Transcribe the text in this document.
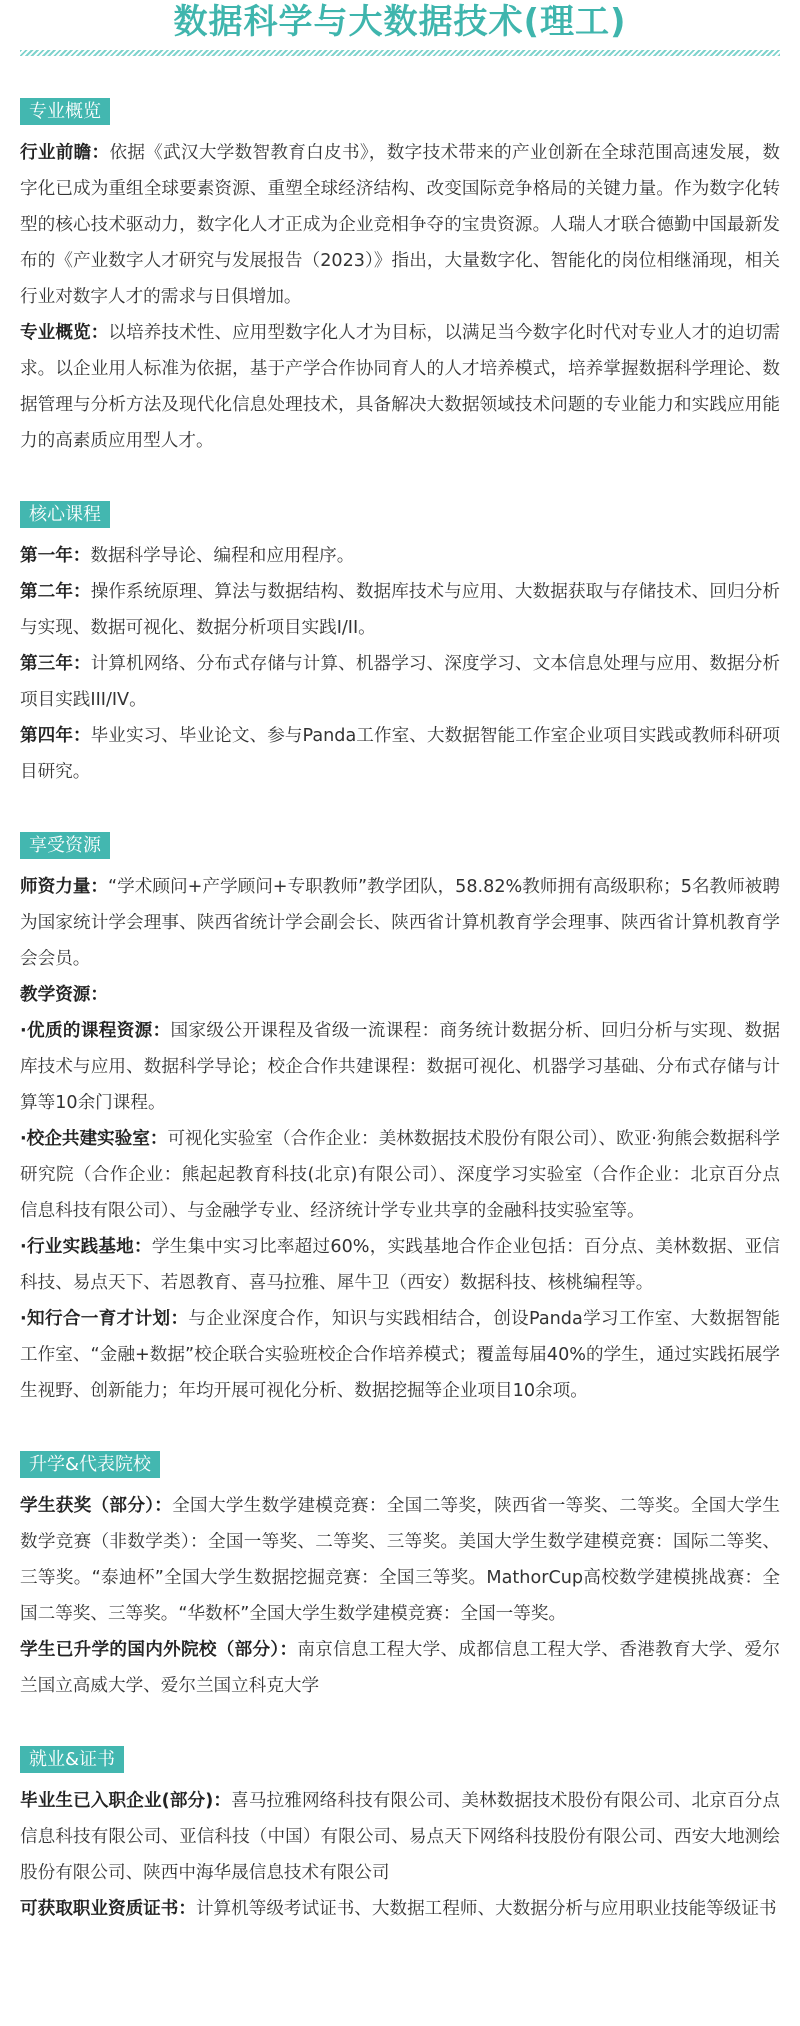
数据科学与大数据技术(理工)
专业概览

行业前瞻：依据《武汉大学数智教育白皮书》，数字技术带来的产业创新在全球范围高速发展，数字化已成为重组全球要素资源、重塑全球经济结构、改变国际竞争格局的关键力量。作为数字化转型的核心技术驱动力，数字化人才正成为企业竞相争夺的宝贵资源。人瑞人才联合德勤中国最新发布的《产业数字人才研究与发展报告（2023）》指出，大量数字化、智能化的岗位相继涌现，相关行业对数字人才的需求与日俱增加。

专业概览：以培养技术性、应用型数字化人才为目标，以满足当今数字化时代对专业人才的迫切需求。以企业用人标准为依据，基于产学合作协同育人的人才培养模式，培养掌握数据科学理论、数据管理与分析方法及现代化信息处理技术，具备解决大数据领域技术问题的专业能力和实践应用能力的高素质应用型人才。

核心课程

第一年：数据科学导论、编程和应用程序。

第二年：操作系统原理、算法与数据结构、数据库技术与应用、大数据获取与存储技术、回归分析与实现、数据可视化、数据分析项目实践I/II。

第三年：计算机网络、分布式存储与计算、机器学习、深度学习、文本信息处理与应用、数据分析项目实践III/IV。

第四年：毕业实习、毕业论文、参与Panda工作室、大数据智能工作室企业项目实践或教师科研项目研究。

享受资源

师资力量：“学术顾问+产学顾问+专职教师”教学团队，58.82%教师拥有高级职称；5名教师被聘为国家统计学会理事、陕西省统计学会副会长、陕西省计算机教育学会理事、陕西省计算机教育学会会员。

教学资源：

·优质的课程资源：国家级公开课程及省级一流课程：商务统计数据分析、回归分析与实现、数据库技术与应用、数据科学导论；校企合作共建课程：数据可视化、机器学习基础、分布式存储与计算等10余门课程。

·校企共建实验室：可视化实验室（合作企业：美林数据技术股份有限公司）、欧亚·狗熊会数据科学研究院（合作企业：熊起起教育科技(北京)有限公司）、深度学习实验室（合作企业：北京百分点信息科技有限公司）、与金融学专业、经济统计学专业共享的金融科技实验室等。

·行业实践基地：学生集中实习比率超过60%，实践基地合作企业包括：百分点、美林数据、亚信科技、易点天下、若恩教育、喜马拉雅、犀牛卫（西安）数据科技、核桃编程等。

·知行合一育才计划：与企业深度合作，知识与实践相结合，创设Panda学习工作室、大数据智能工作室、“金融+数据”校企联合实验班校企合作培养模式；覆盖每届40%的学生，通过实践拓展学生视野、创新能力；年均开展可视化分析、数据挖掘等企业项目10余项。

升学&代表院校

学生获奖（部分）：全国大学生数学建模竞赛：全国二等奖，陕西省一等奖、二等奖。全国大学生数学竞赛（非数学类）：全国一等奖、二等奖、三等奖。美国大学生数学建模竞赛：国际二等奖、三等奖。“泰迪杯”全国大学生数据挖掘竞赛：全国三等奖。MathorCup高校数学建模挑战赛：全国二等奖、三等奖。“华数杯”全国大学生数学建模竞赛：全国一等奖。

学生已升学的国内外院校（部分）：南京信息工程大学、成都信息工程大学、香港教育大学、爱尔兰国立高威大学、爱尔兰国立科克大学

就业&证书

毕业生已入职企业(部分)：喜马拉雅网络科技有限公司、美林数据技术股份有限公司、北京百分点信息科技有限公司、亚信科技（中国）有限公司、易点天下网络科技股份有限公司、西安大地测绘股份有限公司、陕西中海华晟信息技术有限公司

可获取职业资质证书：计算机等级考试证书、大数据工程师、大数据分析与应用职业技能等级证书
